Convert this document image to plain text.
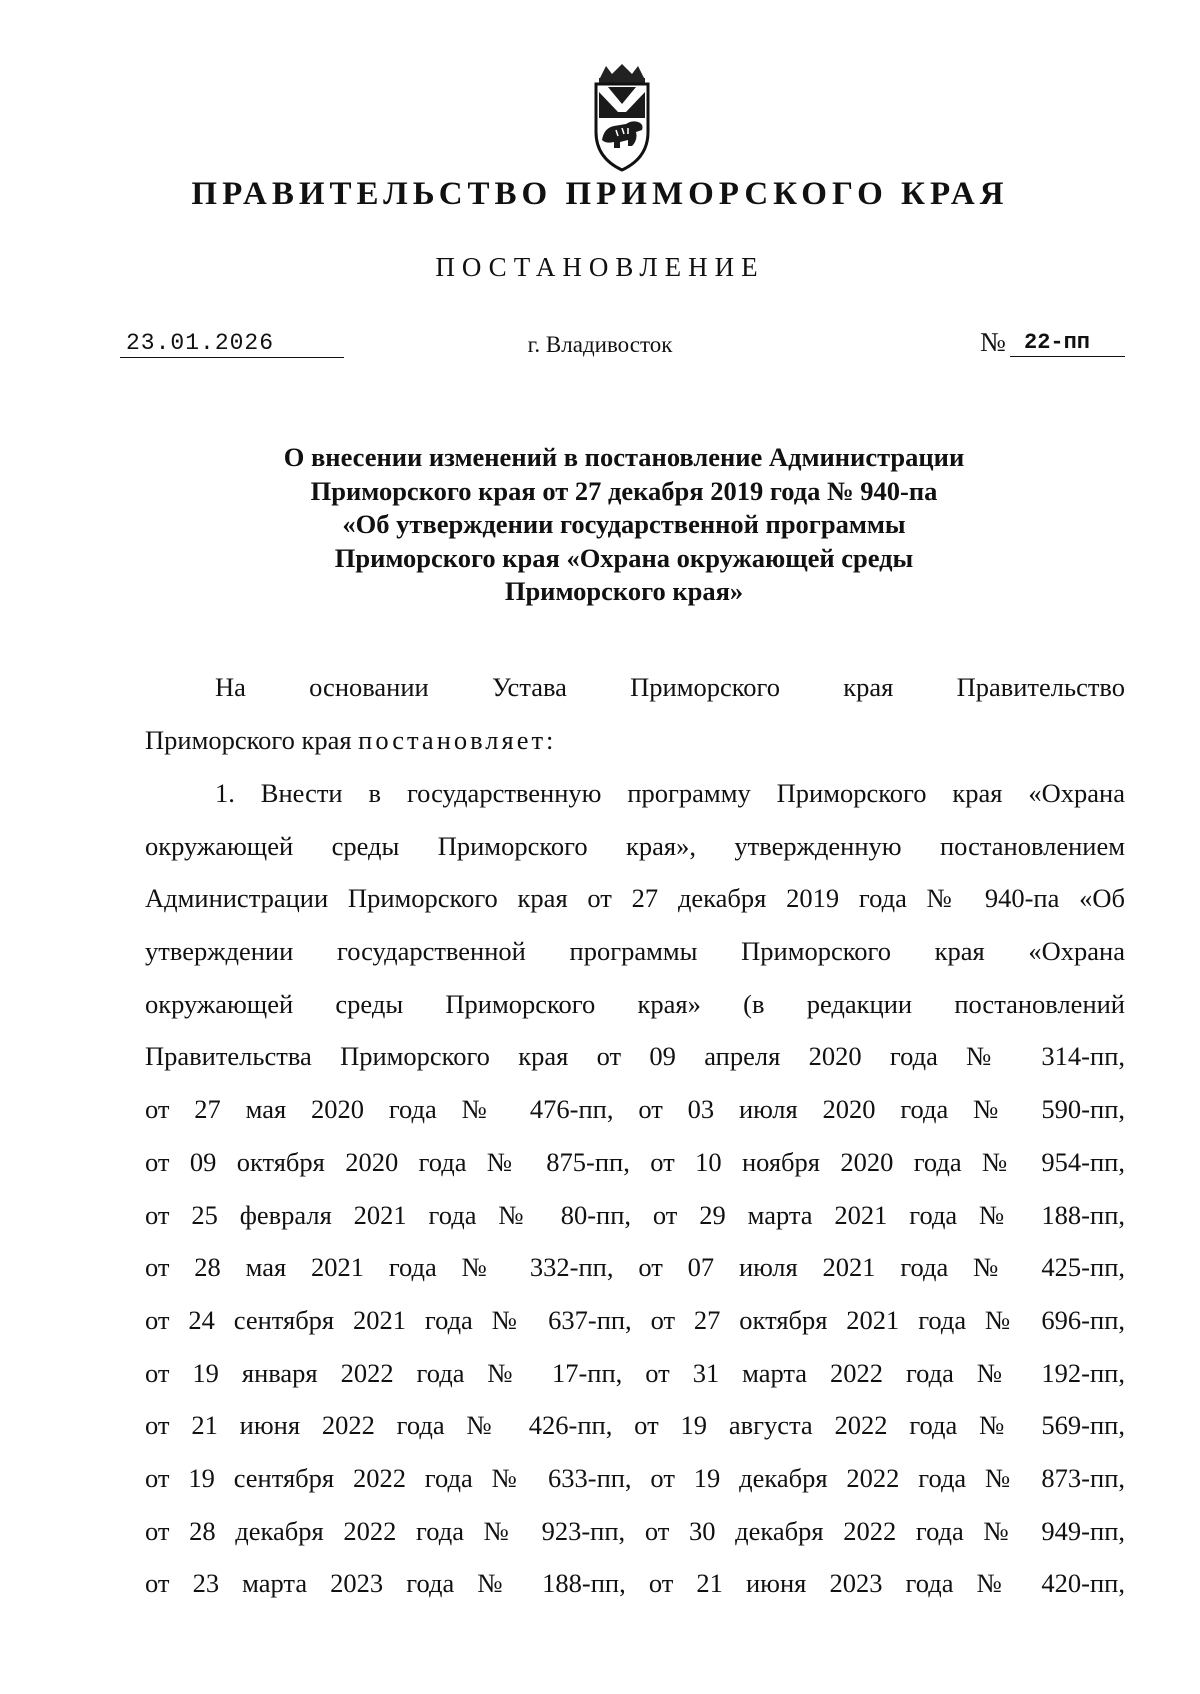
ПРАВИТЕЛЬСТВО ПРИМОРСКОГО КРАЯ
ПОСТАНОВЛЕНИЕ
23.01.2026	г. Владивосток	№ 22-пп
О внесении изменений в постановление Администрации
Приморского края от 27 декабря 2019 года № 940-па
«Об утверждении государственной программы
Приморского края «Охрана окружающей среды
Приморского края»
На основании Устава Приморского края Правительство
Приморского края постановляет:
1. Внести в государственную программу Приморского края «Охрана
окружающей среды Приморского края», утвержденную постановлением
Администрации Приморского края от 27 декабря 2019 года № 940-па «Об
утверждении государственной программы Приморского края «Охрана
окружающей среды Приморского края» (в редакции постановлений
Правительства Приморского края от 09 апреля 2020 года № 314-пп,
от 27 мая 2020 года № 476-пп, от 03 июля 2020 года № 590-пп,
от 09 октября 2020 года № 875-пп, от 10 ноября 2020 года № 954-пп,
от 25 февраля 2021 года № 80-пп, от 29 марта 2021 года № 188-пп,
от 28 мая 2021 года № 332-пп, от 07 июля 2021 года № 425-пп,
от 24 сентября 2021 года № 637-пп, от 27 октября 2021 года № 696-пп,
от 19 января 2022 года № 17-пп, от 31 марта 2022 года № 192-пп,
от 21 июня 2022 года № 426-пп, от 19 августа 2022 года № 569-пп,
от 19 сентября 2022 года № 633-пп, от 19 декабря 2022 года № 873-пп,
от 28 декабря 2022 года № 923-пп, от 30 декабря 2022 года № 949-пп,
от 23 марта 2023 года № 188-пп, от 21 июня 2023 года № 420-пп,
